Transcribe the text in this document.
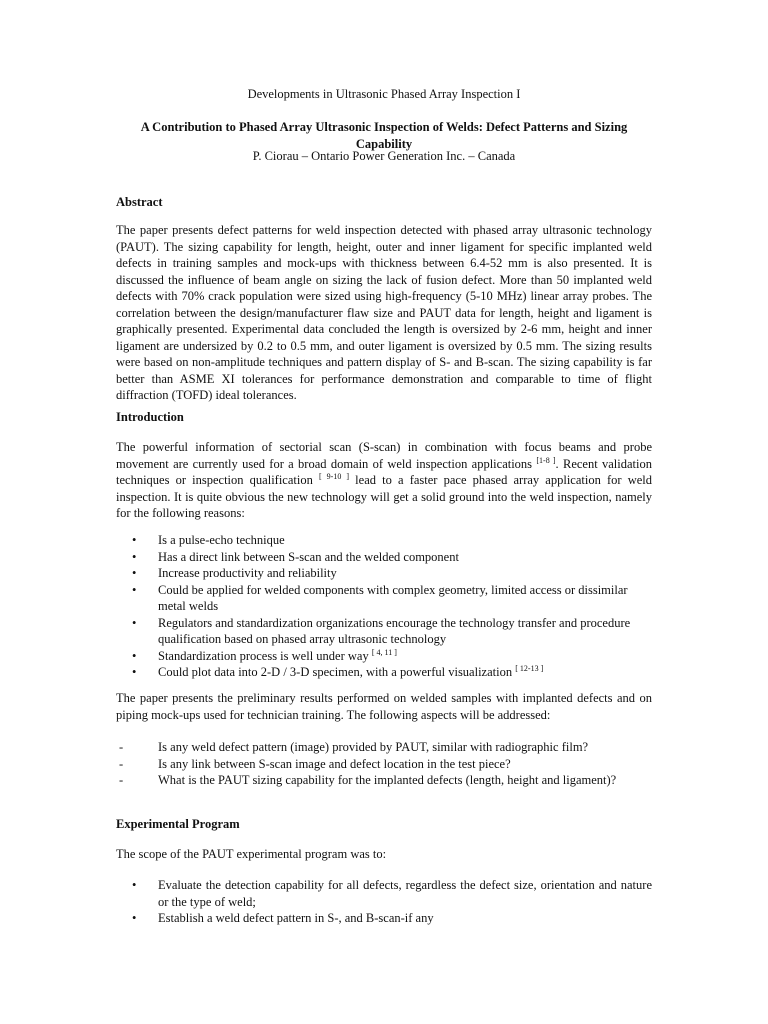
Developments in Ultrasonic Phased Array Inspection I
A Contribution to Phased Array Ultrasonic Inspection of Welds: Defect Patterns and Sizing Capability
P. Ciorau – Ontario Power Generation Inc. – Canada
Abstract
The paper presents defect patterns for weld inspection detected with phased array ultrasonic technology (PAUT). The sizing capability for length, height, outer and inner ligament for specific implanted weld defects in training samples and mock-ups with thickness between 6.4-52 mm is also presented. It is discussed the influence of beam angle on sizing the lack of fusion defect. More than 50 implanted weld defects with 70% crack population were sized using high-frequency (5-10 MHz) linear array probes. The correlation between the design/manufacturer flaw size and PAUT data for length, height and ligament is graphically presented. Experimental data concluded the length is oversized by 2-6 mm, height and inner ligament are undersized by 0.2 to 0.5 mm, and outer ligament is oversized by 0.5 mm. The sizing results were based on non-amplitude techniques and pattern display of S- and B-scan. The sizing capability is far better than ASME XI tolerances for performance demonstration and comparable to time of flight diffraction (TOFD) ideal tolerances.
Introduction
The powerful information of sectorial scan (S-scan) in combination with focus beams and probe movement are currently used for a broad domain of weld inspection applications [1-8 ]. Recent validation techniques or inspection qualification [ 9-10 ] lead to a faster pace phased array application for weld inspection. It is quite obvious the new technology will get a solid ground into the weld inspection, namely for the following reasons:
• Is a pulse-echo technique
• Has a direct link between S-scan and the welded component
• Increase productivity and reliability
• Could be applied for welded components with complex geometry, limited access or dissimilar metal welds
• Regulators and standardization organizations encourage the technology transfer and procedure qualification based on phased array ultrasonic technology
• Standardization process is well under way [ 4, 11 ]
• Could plot data into 2-D / 3-D specimen, with a powerful visualization [ 12-13 ]
The paper presents the preliminary results performed on welded samples with implanted defects and on piping mock-ups used for technician training. The following aspects will be addressed:
-	Is any weld defect pattern (image) provided by PAUT, similar with radiographic film?
-	Is any link between S-scan image and defect location in the test piece?
-	What is the PAUT sizing capability for the implanted defects (length, height and ligament)?
Experimental Program
The scope of the PAUT experimental program was to:
• Evaluate the detection capability for all defects, regardless the defect size, orientation and nature or the type of weld;
• Establish a weld defect pattern in S-, and B-scan-if any
